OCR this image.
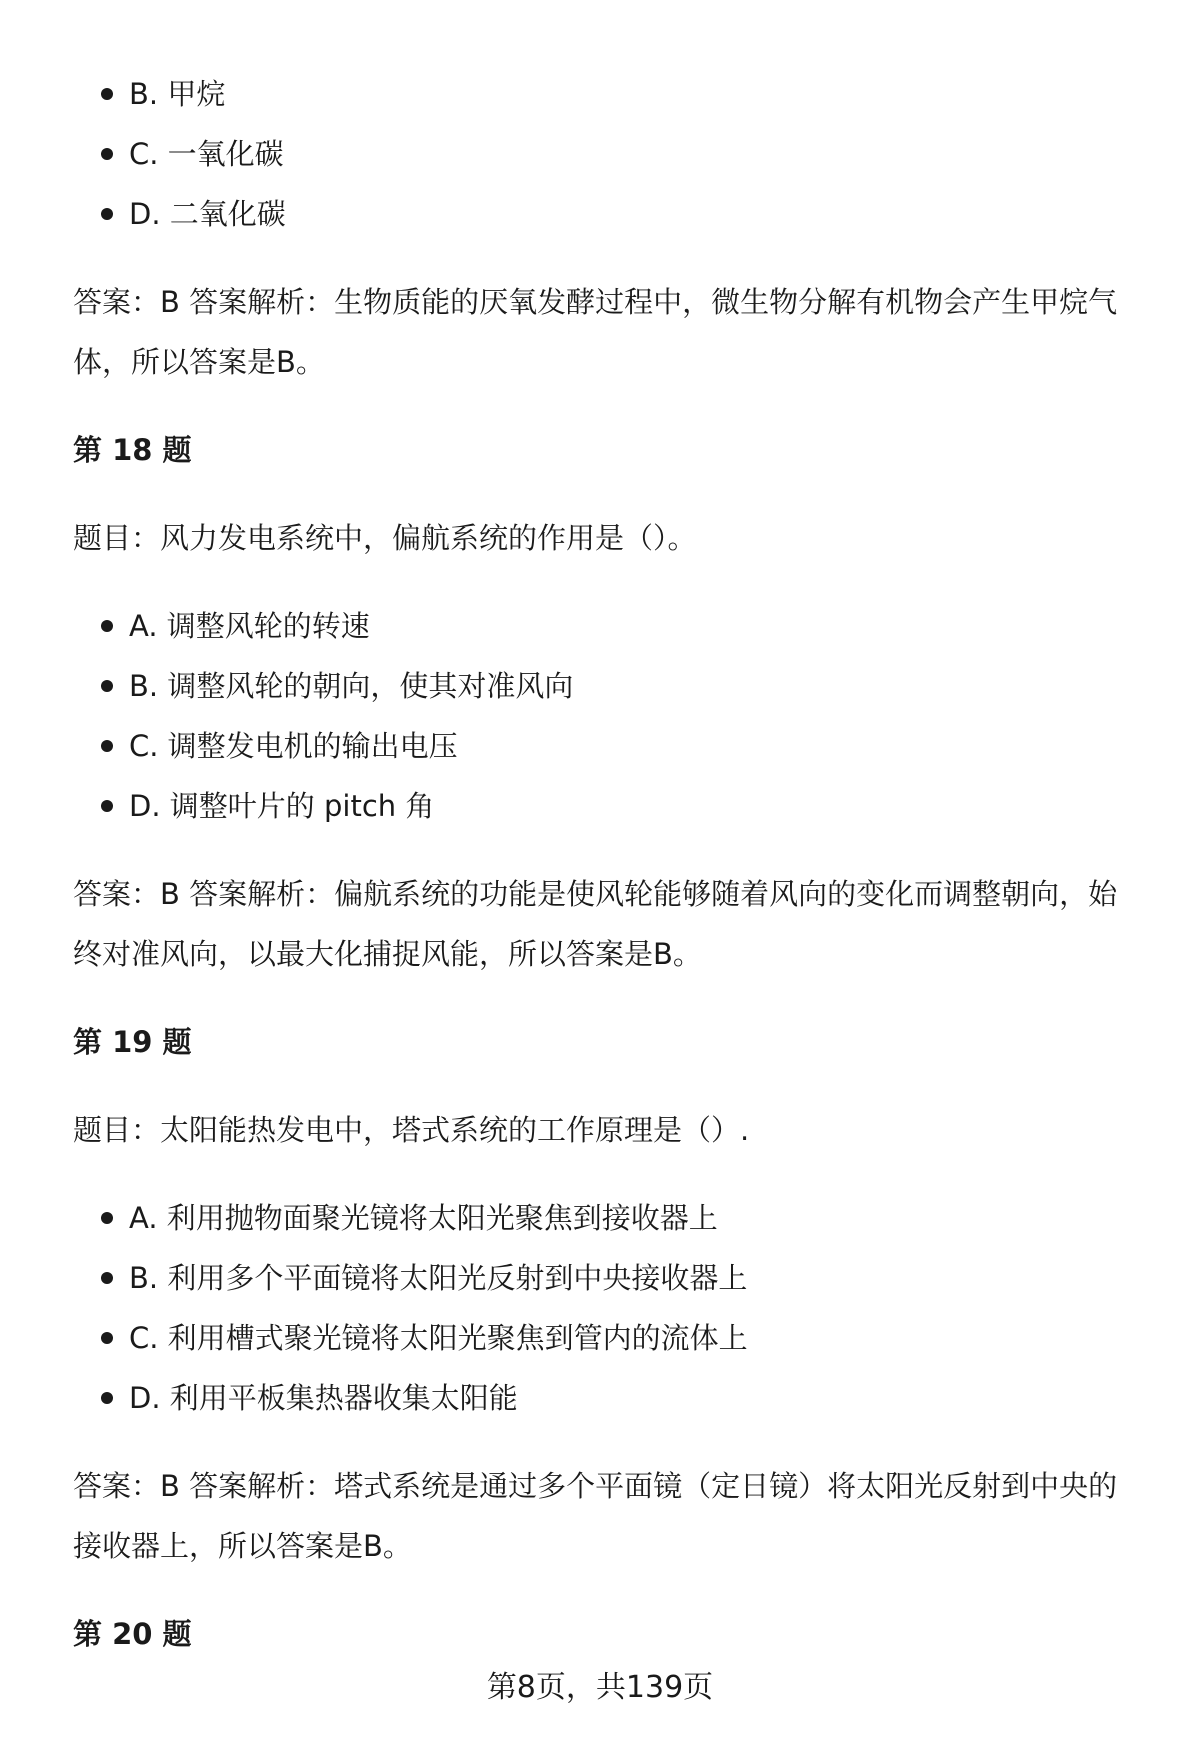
B. 甲烷
C. 一氧化碳
D. 二氧化碳

答案：B 答案解析：生物质能的厌氧发酵过程中，微生物分解有机物会产生甲烷气体，所以答案是B。

第 18 题

题目：风力发电系统中，偏航系统的作用是（）。

A. 调整风轮的转速
B. 调整风轮的朝向，使其对准风向
C. 调整发电机的输出电压
D. 调整叶片的 pitch 角

答案：B 答案解析：偏航系统的功能是使风轮能够随着风向的变化而调整朝向，始终对准风向，以最大化捕捉风能，所以答案是B。

第 19 题

题目：太阳能热发电中，塔式系统的工作原理是（）.

A. 利用抛物面聚光镜将太阳光聚焦到接收器上
B. 利用多个平面镜将太阳光反射到中央接收器上
C. 利用槽式聚光镜将太阳光聚焦到管内的流体上
D. 利用平板集热器收集太阳能

答案：B 答案解析：塔式系统是通过多个平面镜（定日镜）将太阳光反射到中央的接收器上，所以答案是B。

第 20 题

第8页，共139页
